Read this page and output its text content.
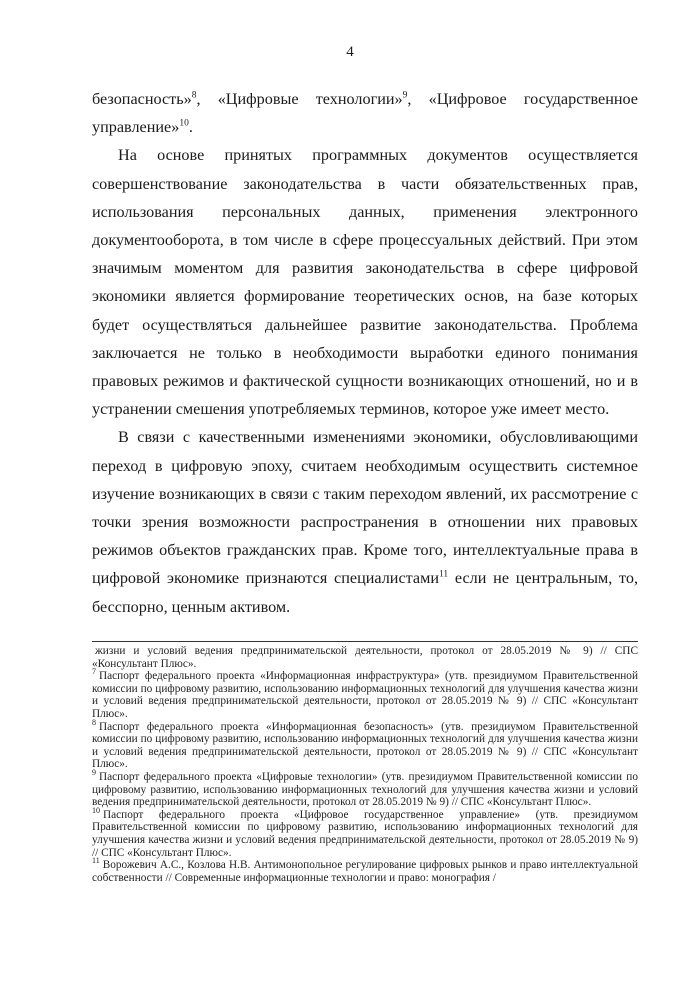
4

безопасность»$^8$, «Цифровые технологии»$^9$, «Цифровое государственное управление»$^{10}$.

На основе принятых программных документов осуществляется совершенствование законодательства в части обязательственных прав, использования персональных данных, применения электронного документооборота, в том числе в сфере процессуальных действий. При этом значимым моментом для развития законодательства в сфере цифровой экономики является формирование теоретических основ, на базе которых будет осуществляться дальнейшее развитие законодательства. Проблема заключается не только в необходимости выработки единого понимания правовых режимов и фактической сущности возникающих отношений, но и в устранении смешения употребляемых терминов, которое уже имеет место.

В связи с качественными изменениями экономики, обусловливающими переход в цифровую эпоху, считаем необходимым осуществить системное изучение возникающих в связи с таким переходом явлений, их рассмотрение с точки зрения возможности распространения в отношении них правовых режимов объектов гражданских прав. Кроме того, интеллектуальные права в цифровой экономике признаются специалистами$^{11}$ если не центральным, то, бесспорно, ценным активом.

жизни и условий ведения предпринимательской деятельности, протокол от 28.05.2019 № 9) // СПС «Консультант Плюс».

$^7$ Паспорт федерального проекта «Информационная инфраструктура» (утв. президиумом Правительственной комиссии по цифровому развитию, использованию информационных технологий для улучшения качества жизни и условий ведения предпринимательской деятельности, протокол от 28.05.2019 № 9) // СПС «Консультант Плюс».

$^8$ Паспорт федерального проекта «Информационная безопасность» (утв. президиумом Правительственной комиссии по цифровому развитию, использованию информационных технологий для улучшения качества жизни и условий ведения предпринимательской деятельности, протокол от 28.05.2019 № 9) // СПС «Консультант Плюс».

$^9$ Паспорт федерального проекта «Цифровые технологии» (утв. президиумом Правительственной комиссии по цифровому развитию, использованию информационных технологий для улучшения качества жизни и условий ведения предпринимательской деятельности, протокол от 28.05.2019 № 9) // СПС «Консультант Плюс».

$^{10}$ Паспорт федерального проекта «Цифровое государственное управление» (утв. президиумом Правительственной комиссии по цифровому развитию, использованию информационных технологий для улучшения качества жизни и условий ведения предпринимательской деятельности, протокол от 28.05.2019 № 9) // СПС «Консультант Плюс».

$^{11}$ Ворожевич А.С., Козлова Н.В. Антимонопольное регулирование цифровых рынков и право интеллектуальной собственности // Современные информационные технологии и право: монография /
